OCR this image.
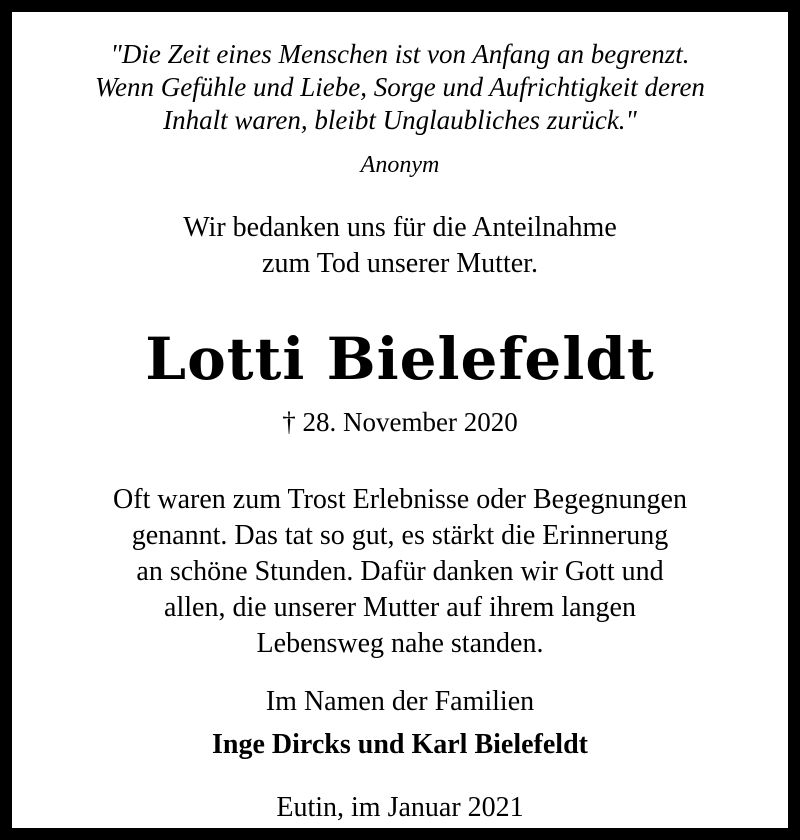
"Die Zeit eines Menschen ist von Anfang an begrenzt.
Wenn Gefühle und Liebe, Sorge und Aufrichtigkeit deren
Inhalt waren, bleibt Unglaubliches zurück."
Anonym
Wir bedanken uns für die Anteilnahme
zum Tod unserer Mutter.
Lotti Bielefeldt
† 28. November 2020
Oft waren zum Trost Erlebnisse oder Begegnungen
genannt. Das tat so gut, es stärkt die Erinnerung
an schöne Stunden. Dafür danken wir Gott und
allen, die unserer Mutter auf ihrem langen
Lebensweg nahe standen.
Im Namen der Familien
Inge Dircks und Karl Bielefeldt
Eutin, im Januar 2021
